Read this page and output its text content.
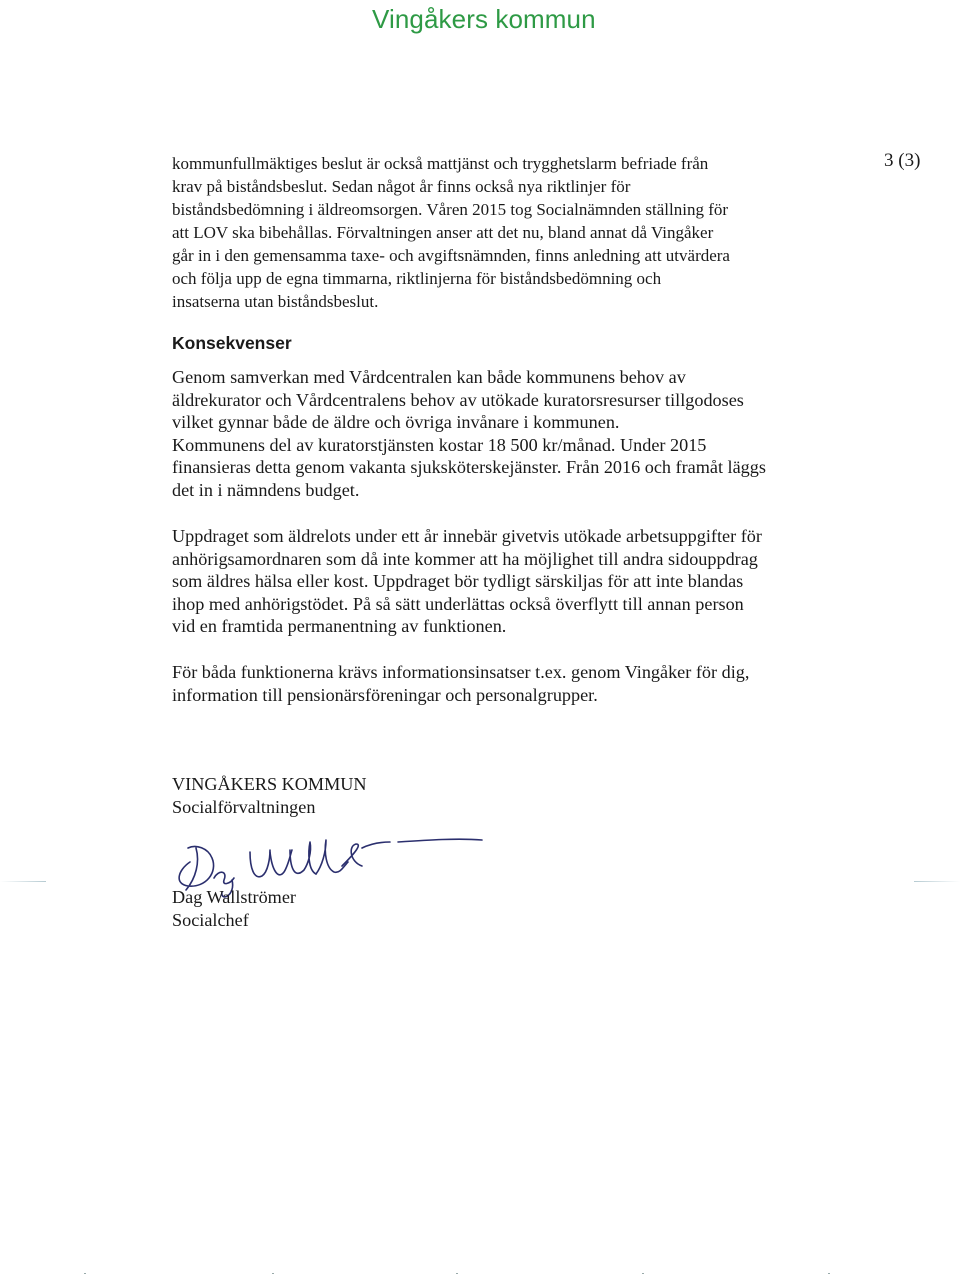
Vingåkers kommun
3 (3)
kommunfullmäktiges beslut är också mattjänst och trygghetslarm befriade från
krav på biståndsbeslut. Sedan något år finns också nya riktlinjer för
biståndsbedömning i äldreomsorgen. Våren 2015 tog Socialnämnden ställning för
att LOV ska bibehållas. Förvaltningen anser att det nu, bland annat då Vingåker
går in i den gemensamma taxe- och avgiftsnämnden, finns anledning att utvärdera
och följa upp de egna timmarna, riktlinjerna för biståndsbedömning och
insatserna utan biståndsbeslut.
Konsekvenser
Genom samverkan med Vårdcentralen kan både kommunens behov av
äldrekurator och Vårdcentralens behov av utökade kuratorsresurser tillgodoses
vilket gynnar både de äldre och övriga invånare i kommunen.
Kommunens del av kuratorstjänsten kostar 18 500 kr/månad. Under 2015
finansieras detta genom vakanta sjuksköterskejänster. Från 2016 och framåt läggs
det in i nämndens budget.
Uppdraget som äldrelots under ett år innebär givetvis utökade arbetsuppgifter för
anhörigsamordnaren som då inte kommer att ha möjlighet till andra sidouppdrag
som äldres hälsa eller kost. Uppdraget bör tydligt särskiljas för att inte blandas
ihop med anhörigstödet. På så sätt underlättas också överflytt till annan person
vid en framtida permanentning av funktionen.
För båda funktionerna krävs informationsinsatser t.ex. genom Vingåker för dig,
information till pensionärsföreningar och personalgrupper.
VINGÅKERS KOMMUN
Socialförvaltningen
Dag Wallströmer
Socialchef
